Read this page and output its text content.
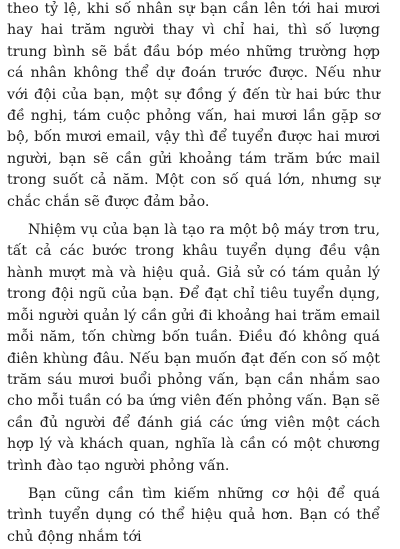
theo tỷ lệ, khi số nhân sự bạn cần lên tới hai mươi hay hai trăm người thay vì chỉ hai, thì số lượng trung bình sẽ bắt đầu bóp méo những trường hợp cá nhân không thể dự đoán trước được. Nếu như với đội của bạn, một sự đồng ý đến từ hai bức thư đề nghị, tám cuộc phỏng vấn, hai mươi lần gặp sơ bộ, bốn mươi email, vậy thì để tuyển được hai mươi người, bạn sẽ cần gửi khoảng tám trăm bức mail trong suốt cả năm. Một con số quá lớn, nhưng sự chắc chắn sẽ được đảm bảo.

Nhiệm vụ của bạn là tạo ra một bộ máy trơn tru, tất cả các bước trong khâu tuyển dụng đều vận hành mượt mà và hiệu quả. Giả sử có tám quản lý trong đội ngũ của bạn. Để đạt chỉ tiêu tuyển dụng, mỗi người quản lý cần gửi đi khoảng hai trăm email mỗi năm, tốn chừng bốn tuần. Điều đó không quá điên khùng đâu. Nếu bạn muốn đạt đến con số một trăm sáu mươi buổi phỏng vấn, bạn cần nhắm sao cho mỗi tuần có ba ứng viên đến phỏng vấn. Bạn sẽ cần đủ người để đánh giá các ứng viên một cách hợp lý và khách quan, nghĩa là cần có một chương trình đào tạo người phỏng vấn.

Bạn cũng cần tìm kiếm những cơ hội để quá trình tuyển dụng có thể hiệu quả hơn. Bạn có thể chủ động nhắm tới
